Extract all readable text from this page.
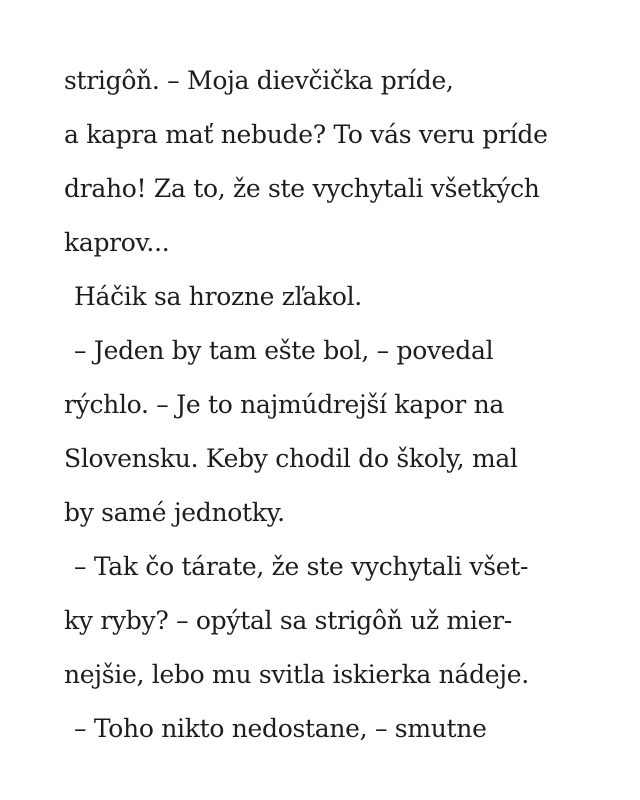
strigôň. – Moja dievčička príde,
a kapra mať nebude? To vás veru príde
draho! Za to, že ste vychytali všetkých
kaprov...
Háčik sa hrozne zľakol.
– Jeden by tam ešte bol, – povedal
rýchlo. – Je to najmúdrejší kapor na
Slovensku. Keby chodil do školy, mal
by samé jednotky.
– Tak čo tárate, že ste vychytali všet-
ky ryby? – opýtal sa strigôň už mier-
nejšie, lebo mu svitla iskierka nádeje.
– Toho nikto nedostane, – smutne
